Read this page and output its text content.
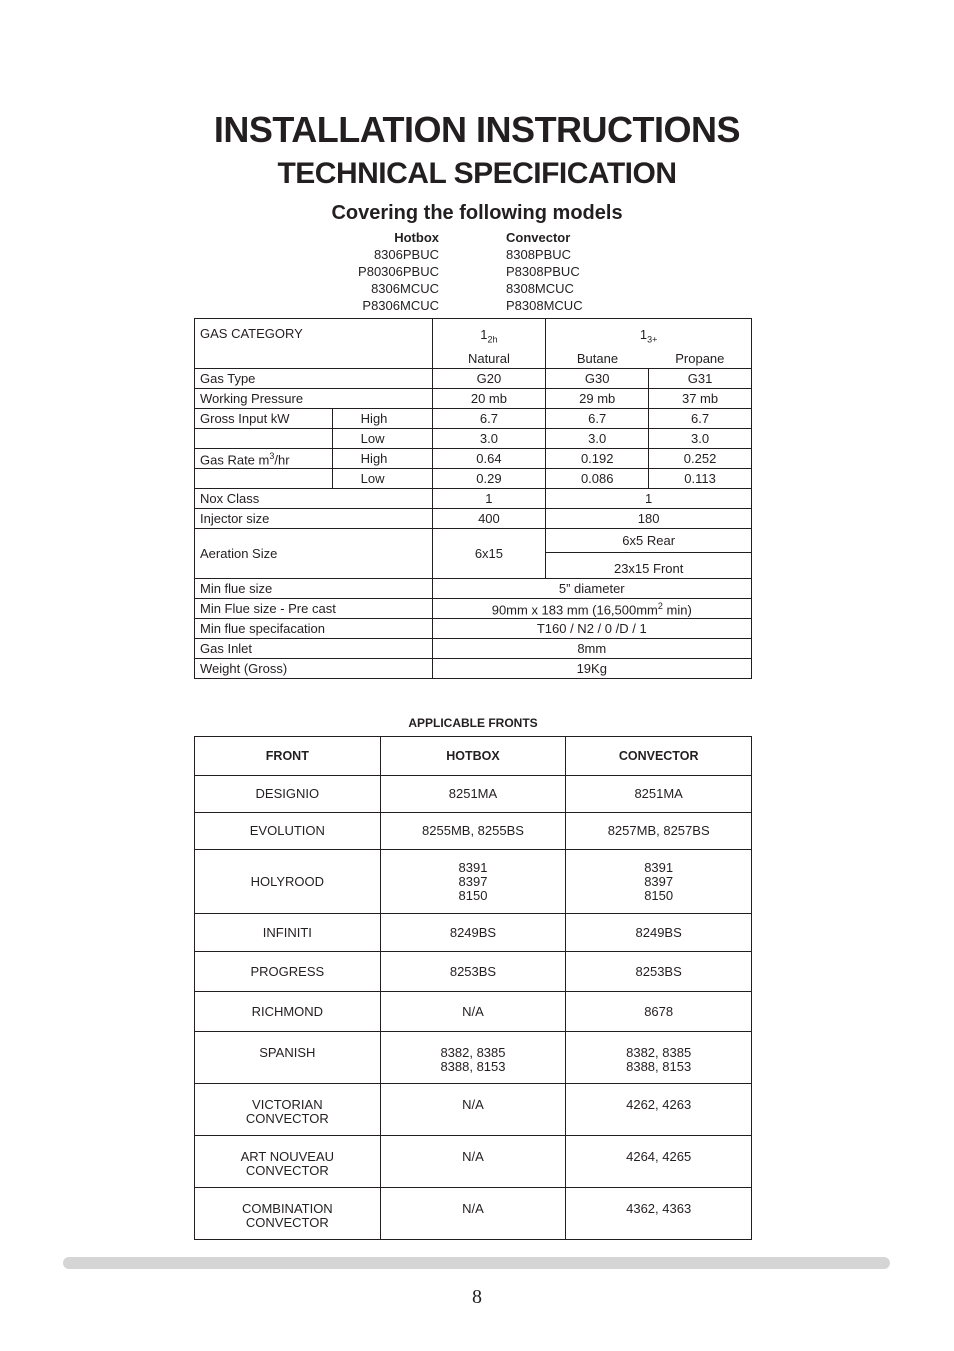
INSTALLATION INSTRUCTIONS
TECHNICAL SPECIFICATION
Covering the following models
Hotbox
8306PBUC
P80306PBUC
8306MCUC
P8306MCUC
Convector
8308PBUC
P8308PBUC
8308MCUC
P8308MCUC
GAS CATEGORY		$1_{2h}$	$1_{3+}$
		Natural	Butane	Propane
Gas Type		G20	G30	G31
Working Pressure		20 mb	29 mb	37 mb
Gross Input kW	High	6.7	6.7	6.7
	Low	3.0	3.0	3.0
Gas Rate $m^3/hr$	High	0.64	0.192	0.252
	Low	0.29	0.086	0.113
Nox Class		1	1	
Injector size		400	180	
Aeration Size		6x15	6x5 Rear	
			23x15 Front	
Min flue size		5” diameter		
Min Flue size - Pre cast		90mm x 183 mm ($16,500mm^2$ min)		
Min flue specifacation		T160 / N2 / 0 /D / 1		
Gas Inlet		8mm		
Weight (Gross)		19Kg		
APPLICABLE FRONTS
FRONT	HOTBOX	CONVECTOR

DESIGNIO	8251MA	8251MA

EVOLUTION	8255MB, 8255BS	8257MB, 8257BS

HOLYROOD	8391
8397
8150	8391
8397
8150

INFINITI	8249BS	8249BS

PROGRESS	8253BS	8253BS

RICHMOND	N/A	8678

SPANISH	8382, 8385
8388, 8153	8382, 8385
8388, 8153

VICTORIAN
CONVECTOR	N/A	4262, 4263

ART NOUVEAU
CONVECTOR	N/A	4264, 4265

COMBINATION
CONVECTOR	N/A	4362, 4363
8
